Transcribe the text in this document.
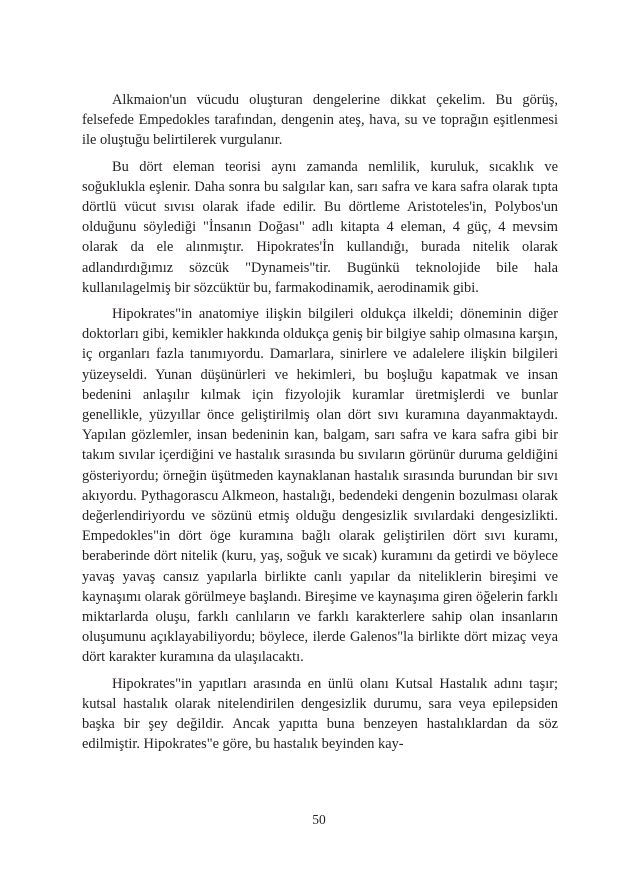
Alkmaion'un vücudu oluşturan dengelerine dikkat çekelim. Bu görüş, felsefede Empedokles tarafından, dengenin ateş, hava, su ve toprağın eşitlenmesi ile oluştuğu belirtilerek vurgulanır.

Bu dört eleman teorisi aynı zamanda nemlilik, kuruluk, sıcaklık ve soğuklukla eşlenir. Daha sonra bu salgılar kan, sarı safra ve kara safra olarak tıpta dörtlü vücut sıvısı olarak ifade edilir. Bu dörtleme Aristoteles'in, Polybos'un olduğunu söylediği "İnsanın Doğası" adlı kitapta 4 eleman, 4 güç, 4 mevsim olarak da ele alınmıştır. Hipokrates'İn kullandığı, burada nitelik olarak adlandırdığımız sözcük "Dynameis"tir. Bugünkü teknolojide bile hala kullanılagelmiş bir sözcüktür bu, farmakodinamik, aerodinamik gibi.

Hipokrates"in anatomiye ilişkin bilgileri oldukça ilkeldi; döneminin diğer doktorları gibi, kemikler hakkında oldukça geniş bir bilgiye sahip olmasına karşın, iç organları fazla tanımıyordu. Damarlara, sinirlere ve adalelere ilişkin bilgileri yüzeyseldi. Yunan düşünürleri ve hekimleri, bu boşluğu kapatmak ve insan bedenini anlaşılır kılmak için fizyolojik kuramlar üretmişlerdi ve bunlar genellikle, yüzyıllar önce geliştirilmiş olan dört sıvı kuramına dayanmaktaydı. Yapılan gözlemler, insan bedeninin kan, balgam, sarı safra ve kara safra gibi bir takım sıvılar içerdiğini ve hastalık sırasında bu sıvıların görünür duruma geldiğini gösteriyordu; örneğin üşütmeden kaynaklanan hastalık sırasında burundan bir sıvı akıyordu. Pythagorascu Alkmeon, hastalığı, bedendeki dengenin bozulması olarak değerlendiriyordu ve sözünü etmiş olduğu dengesizlik sıvılardaki dengesizlikti. Empedokles"in dört öge kuramına bağlı olarak geliştirilen dört sıvı kuramı, beraberinde dört nitelik (kuru, yaş, soğuk ve sıcak) kuramını da getirdi ve böylece yavaş yavaş cansız yapılarla birlikte canlı yapılar da niteliklerin bireşimi ve kaynaşımı olarak görülmeye başlandı. Bireşime ve kaynaşıma giren öğelerin farklı miktarlarda oluşu, farklı canlıların ve farklı karakterlere sahip olan insanların oluşumunu açıklayabiliyordu; böylece, ilerde Galenos"la birlikte dört mizaç veya dört karakter kuramına da ulaşılacaktı.

Hipokrates"in yapıtları arasında en ünlü olanı Kutsal Hastalık adını taşır; kutsal hastalık olarak nitelendirilen dengesizlik durumu, sara veya epilepsiden başka bir şey değildir. Ancak yapıtta buna benzeyen hastalıklardan da söz edilmiştir. Hipokrates"e göre, bu hastalık beyinden kay-

50
